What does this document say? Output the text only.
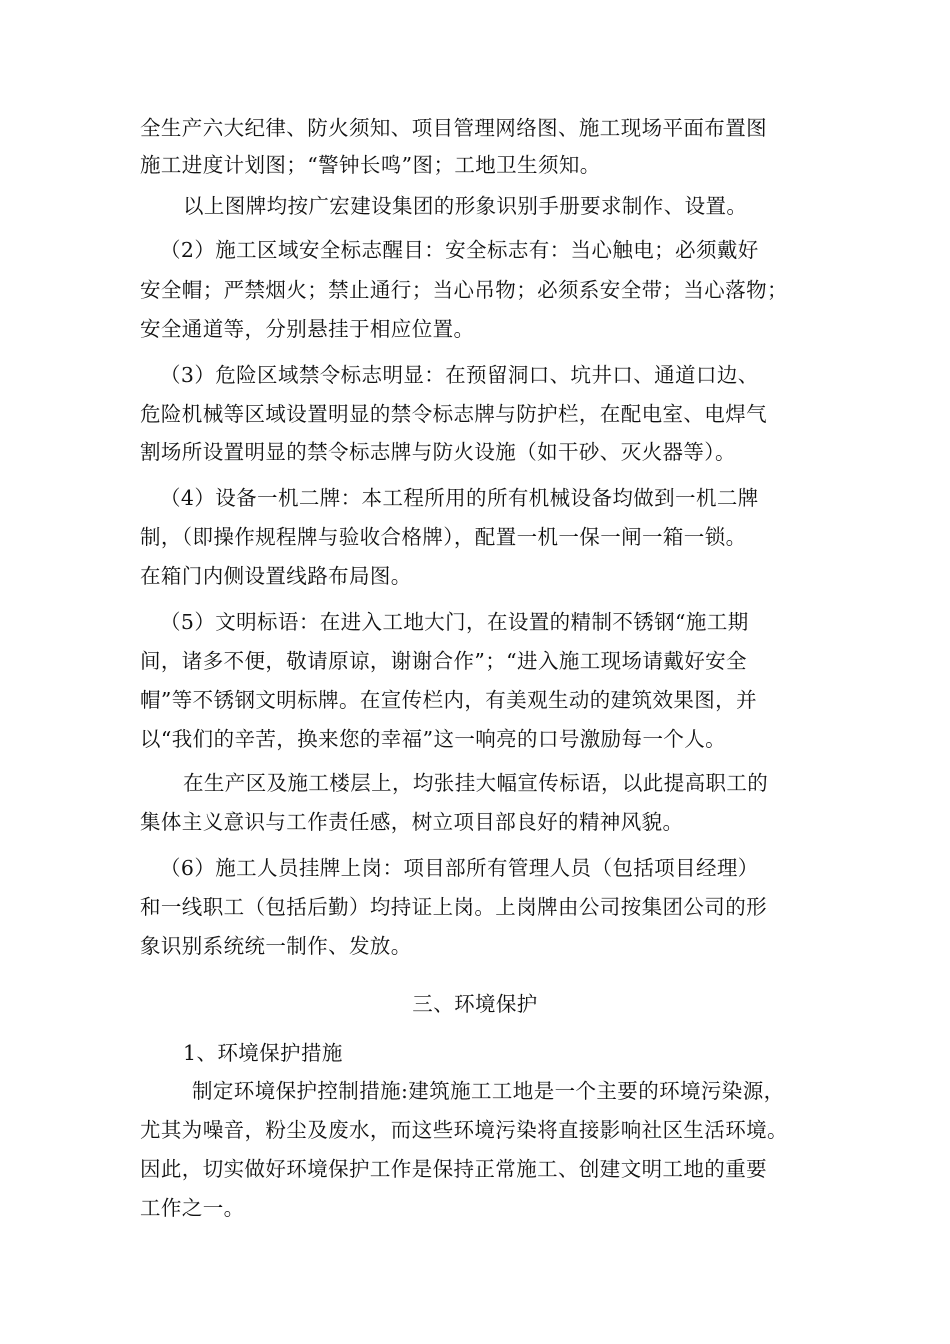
全生产六大纪律、防火须知、项目管理网络图、施工现场平面布置图
施工进度计划图；“警钟长鸣”图；工地卫生须知。
以上图牌均按广宏建设集团的形象识别手册要求制作、设置。
（2）施工区域安全标志醒目：安全标志有：当心触电；必须戴好
安全帽；严禁烟火；禁止通行；当心吊物；必须系安全带；当心落物；
安全通道等，分别悬挂于相应位置。
（3）危险区域禁令标志明显：在预留洞口、坑井口、通道口边、
危险机械等区域设置明显的禁令标志牌与防护栏，在配电室、电焊气
割场所设置明显的禁令标志牌与防火设施（如干砂、灭火器等）。
（4）设备一机二牌：本工程所用的所有机械设备均做到一机二牌
制，（即操作规程牌与验收合格牌），配置一机一保一闸一箱一锁。
在箱门内侧设置线路布局图。
（5）文明标语：在进入工地大门，在设置的精制不锈钢“施工期
间，诸多不便，敬请原谅，谢谢合作”；“进入施工现场请戴好安全
帽”等不锈钢文明标牌。在宣传栏内，有美观生动的建筑效果图，并
以“我们的辛苦，换来您的幸福”这一响亮的口号激励每一个人。
在生产区及施工楼层上，均张挂大幅宣传标语，以此提高职工的
集体主义意识与工作责任感，树立项目部良好的精神风貌。
（6）施工人员挂牌上岗：项目部所有管理人员（包括项目经理）
和一线职工（包括后勤）均持证上岗。上岗牌由公司按集团公司的形
象识别系统统一制作、发放。
三、环境保护
1、环境保护措施
制定环境保护控制措施:建筑施工工地是一个主要的环境污染源，
尤其为噪音，粉尘及废水，而这些环境污染将直接影响社区生活环境。
因此，切实做好环境保护工作是保持正常施工、创建文明工地的重要
工作之一。
